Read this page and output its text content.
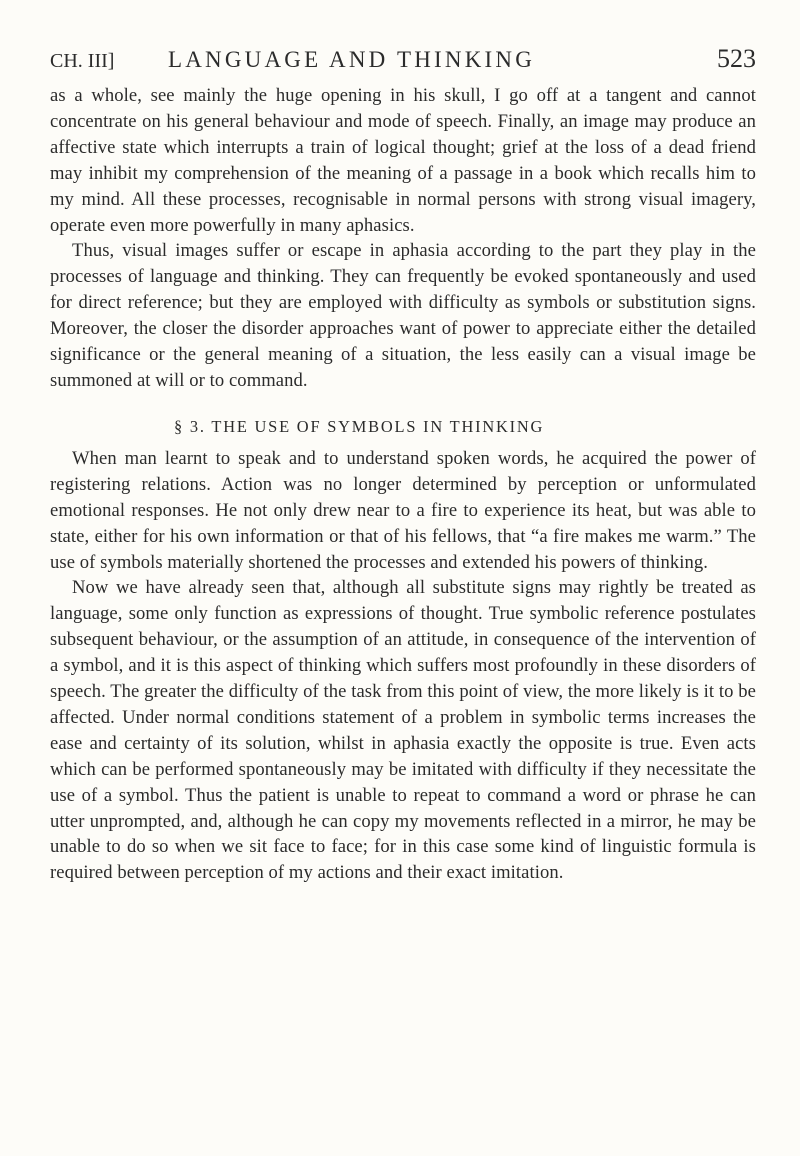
CH. III]	LANGUAGE AND THINKING	523

as a whole, see mainly the huge opening in his skull, I go off at a tangent and cannot concentrate on his general behaviour and mode of speech. Finally, an image may produce an affective state which interrupts a train of logical thought; grief at the loss of a dead friend may inhibit my comprehension of the meaning of a passage in a book which recalls him to my mind. All these processes, recognisable in normal persons with strong visual imagery, operate even more powerfully in many aphasics.

Thus, visual images suffer or escape in aphasia according to the part they play in the processes of language and thinking. They can frequently be evoked spontaneously and used for direct reference; but they are employed with difficulty as symbols or substitution signs. Moreover, the closer the disorder approaches want of power to appreciate either the detailed significance or the general meaning of a situation, the less easily can a visual image be summoned at will or to command.

§ 3. THE USE OF SYMBOLS IN THINKING

When man learnt to speak and to understand spoken words, he acquired the power of registering relations. Action was no longer determined by perception or unformulated emotional responses. He not only drew near to a fire to experience its heat, but was able to state, either for his own information or that of his fellows, that “a fire makes me warm.” The use of symbols materially shortened the processes and extended his powers of thinking.

Now we have already seen that, although all substitute signs may rightly be treated as language, some only function as expressions of thought. True symbolic reference postulates subsequent behaviour, or the assumption of an attitude, in consequence of the intervention of a symbol, and it is this aspect of thinking which suffers most profoundly in these disorders of speech. The greater the difficulty of the task from this point of view, the more likely is it to be affected. Under normal conditions statement of a problem in symbolic terms increases the ease and certainty of its solution, whilst in aphasia exactly the opposite is true. Even acts which can be performed spontaneously may be imitated with difficulty if they necessitate the use of a symbol. Thus the patient is unable to repeat to command a word or phrase he can utter unprompted, and, although he can copy my movements reflected in a mirror, he may be unable to do so when we sit face to face; for in this case some kind of linguistic formula is required between perception of my actions and their exact imitation.
